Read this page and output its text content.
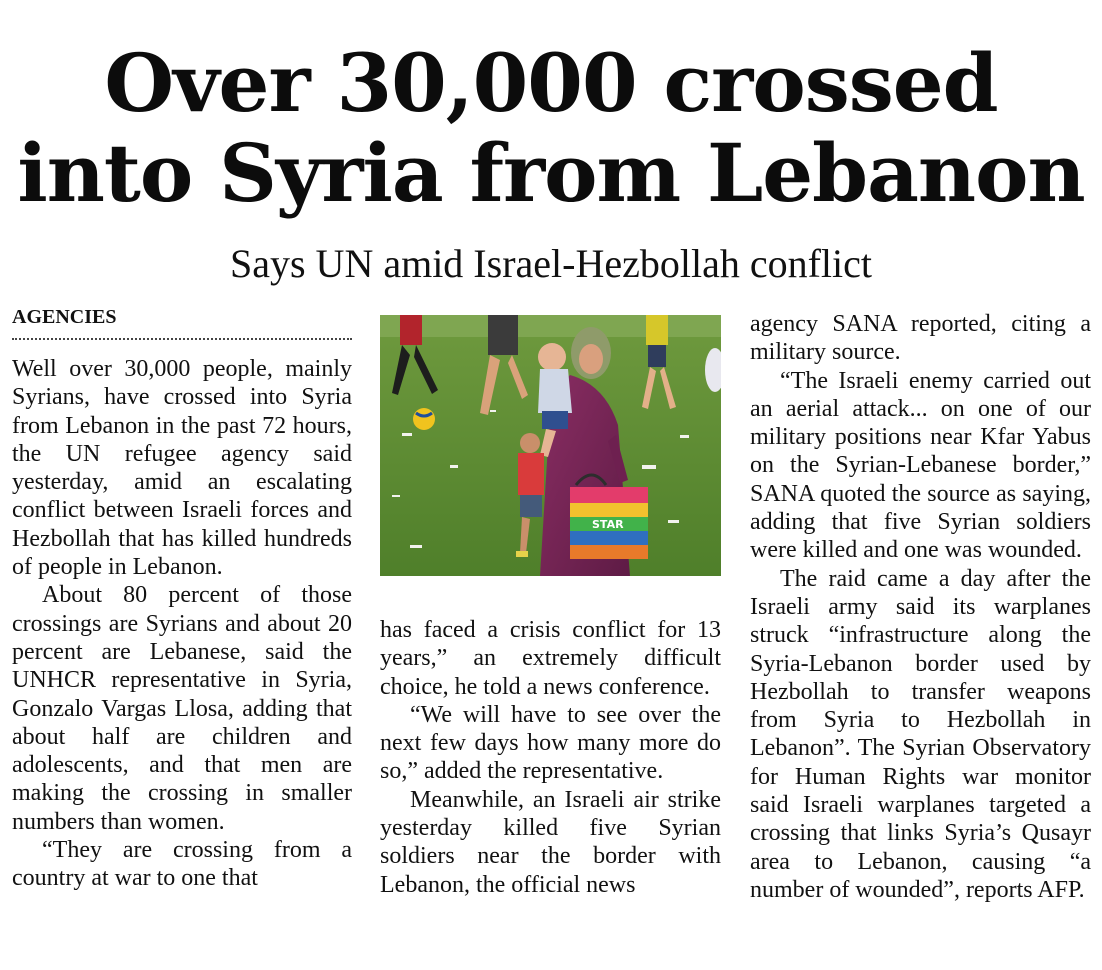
Over 30,000 crossed
into Syria from Lebanon
Says UN amid Israel-Hezbollah conflict
AGENCIES

Well over 30,000 people, mainly Syrians, have crossed into Syria from Lebanon in the past 72 hours, the UN refugee agency said yesterday, amid an escalating conflict between Israeli forces and Hezbollah that has killed hundreds of people in Lebanon.

About 80 percent of those crossings are Syrians and about 20 percent are Lebanese, said the UNHCR representative in Syria, Gonzalo Vargas Llosa, adding that about half are children and adolescents, and that men are making the crossing in smaller numbers than women.

“They are crossing from a country at war to one that

STAR

has faced a crisis conflict for 13 years,” an extremely difficult choice, he told a news conference.

“We will have to see over the next few days how many more do so,” added the representative.

Meanwhile, an Israeli air strike yesterday killed five Syrian soldiers near the border with Lebanon, the official news

agency SANA reported, citing a military source.

“The Israeli enemy carried out an aerial attack... on one of our military positions near Kfar Yabus on the Syrian-Lebanese border,” SANA quoted the source as saying, adding that five Syrian soldiers were killed and one was wounded.

The raid came a day after the Israeli army said its warplanes struck “infrastructure along the Syria-Lebanon border used by Hezbollah to transfer weapons from Syria to Hezbollah in Lebanon”. The Syrian Observatory for Human Rights war monitor said Israeli warplanes targeted a crossing that links Syria’s Qusayr area to Lebanon, causing “a number of wounded”, reports AFP.
